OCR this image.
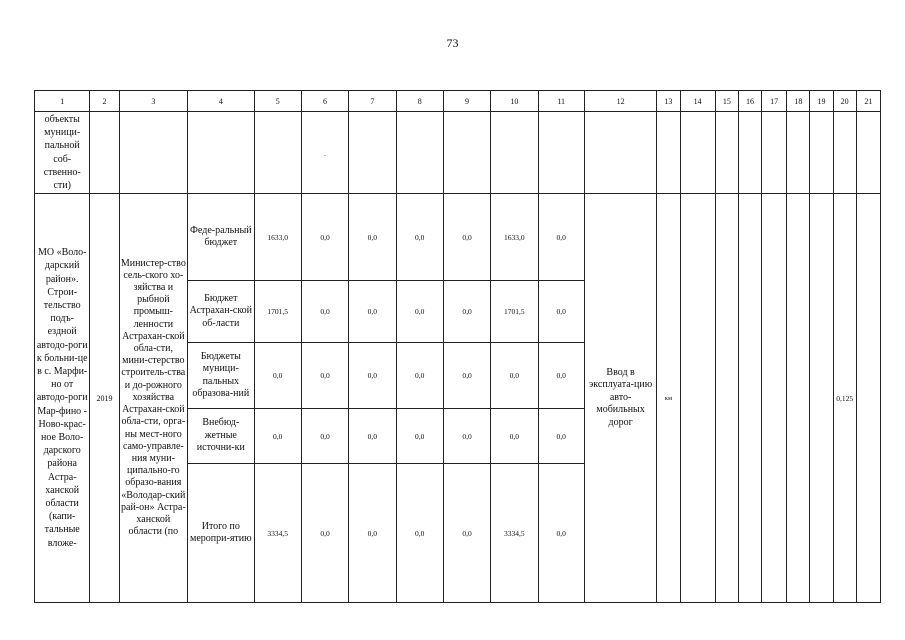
73
1	2	3	4	5	6	7	8	9	10	11	12	13	14	15	16	17	18	19	20	21
объекты муници-пальной соб-ственно-сти)					-															
МО «Воло-дарский район». Строи-тельство подъ-ездной автодо-роги к больни-це в с. Марфи-но от автодо-роги Мар-фино - Ново-крас-ное Воло-дарского района Астра-ханской области (капи-тальные вложе-	2019	Министер-ство сель-ского хо-зяйства и рыбной промыш-ленности Астрахан-ской обла-сти, мини-стерство строитель-ства и до-рожного хозяйства Астрахан-ской обла-сти, орга-ны мест-ного само-управле-ния муни-ципально-го образо-вания «Володар-ский рай-он» Астра-ханской области (по	Феде-ральный бюджет	1633,0	0,0	0,0	0,0	0,0	1633,0	0,0	Ввод в эксплуата-цию авто-мобильных дорог	км							0,125	
			Бюджет Астрахан-ской об-ласти	1701,5	0,0	0,0	0,0	0,0	1701,5	0,0										
			Бюджеты муници-пальных образова-ний	0,0	0,0	0,0	0,0	0,0	0,0	0,0										
			Внебюд-жетные источни-ки	0,0	0,0	0,0	0,0	0,0	0,0	0,0										
			Итого по меропри-ятию	3334,5	0,0	0,0	0,0	0,0	3334,5	0,0										
